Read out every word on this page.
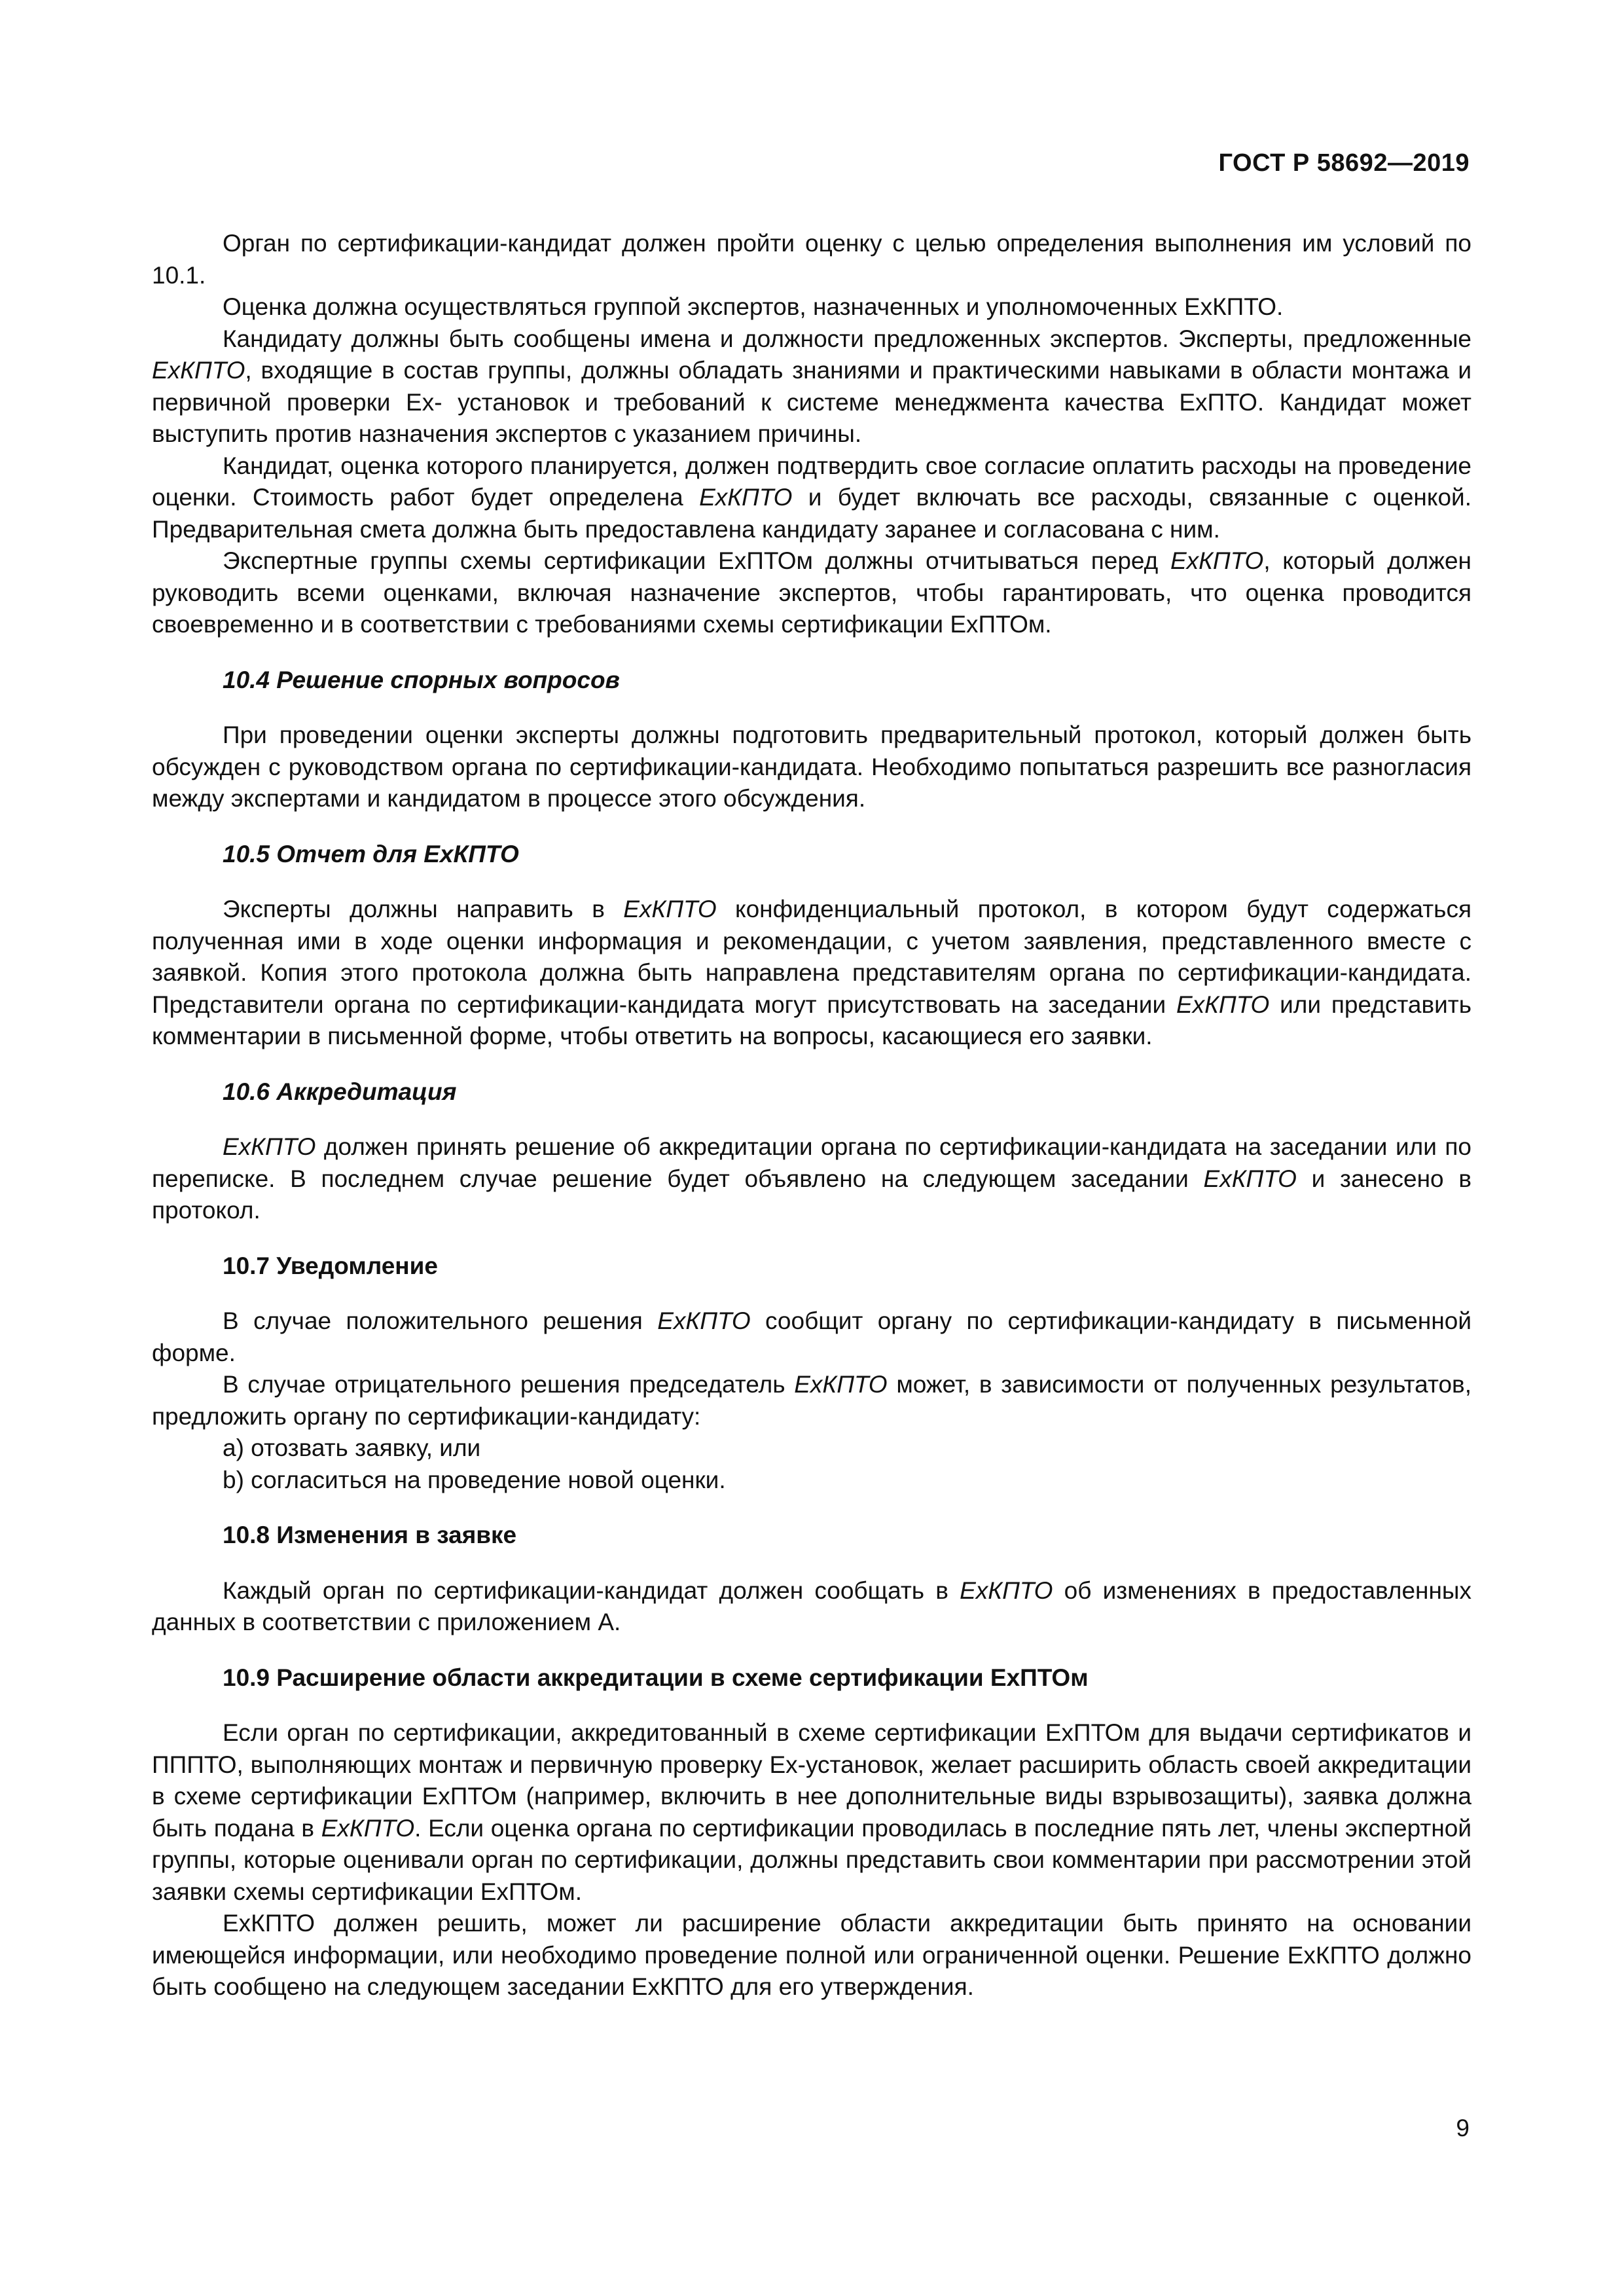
ГОСТ Р 58692—2019

Орган по сертификации-кандидат должен пройти оценку с целью определения выполнения им условий по 10.1.

Оценка должна осуществляться группой экспертов, назначенных и уполномоченных ExКПТО.

Кандидату должны быть сообщены имена и должности предложенных экспертов. Эксперты, предложенные ExКПТО, входящие в состав группы, должны обладать знаниями и практическими навыками в области монтажа и первичной проверки Ex- установок и требований к системе менеджмента качества ExПТО. Кандидат может выступить против назначения экспертов с указанием причины.

Кандидат, оценка которого планируется, должен подтвердить свое согласие оплатить расходы на проведение оценки. Стоимость работ будет определена ExКПТО и будет включать все расходы, связанные с оценкой. Предварительная смета должна быть предоставлена кандидату заранее и согласована с ним.

Экспертные группы схемы сертификации ExПТОм должны отчитываться перед ExКПТО, который должен руководить всеми оценками, включая назначение экспертов, чтобы гарантировать, что оценка проводится своевременно и в соответствии с требованиями схемы сертификации ExПТОм.

10.4 Решение спорных вопросов

При проведении оценки эксперты должны подготовить предварительный протокол, который должен быть обсужден с руководством органа по сертификации-кандидата. Необходимо попытаться разрешить все разногласия между экспертами и кандидатом в процессе этого обсуждения.

10.5 Отчет для ExКПТО

Эксперты должны направить в ExКПТО конфиденциальный протокол, в котором будут содержаться полученная ими в ходе оценки информация и рекомендации, с учетом заявления, представленного вместе с заявкой. Копия этого протокола должна быть направлена представителям органа по сертификации-кандидата. Представители органа по сертификации-кандидата могут присутствовать на заседании ExКПТО или представить комментарии в письменной форме, чтобы ответить на вопросы, касающиеся его заявки.

10.6 Аккредитация

ExКПТО должен принять решение об аккредитации органа по сертификации-кандидата на заседании или по переписке. В последнем случае решение будет объявлено на следующем заседании ExКПТО и занесено в протокол.

10.7 Уведомление

В случае положительного решения ExКПТО сообщит органу по сертификации-кандидату в письменной форме.

В случае отрицательного решения председатель ExКПТО может, в зависимости от полученных результатов, предложить органу по сертификации-кандидату:

a) отозвать заявку, или
b) согласиться на проведение новой оценки.
10.8 Изменения в заявке

Каждый орган по сертификации-кандидат должен сообщать в ExКПТО об изменениях в предоставленных данных в соответствии с приложением А.

10.9 Расширение области аккредитации в схеме сертификации ExПТОм

Если орган по сертификации, аккредитованный в схеме сертификации ExПТОм для выдачи сертификатов и ПППТО, выполняющих монтаж и первичную проверку Ex-установок, желает расширить область своей аккредитации в схеме сертификации ExПТОм (например, включить в нее дополнительные виды взрывозащиты), заявка должна быть подана в ExКПТО. Если оценка органа по сертификации проводилась в последние пять лет, члены экспертной группы, которые оценивали орган по сертификации, должны представить свои комментарии при рассмотрении этой заявки схемы сертификации ExПТОм.

ExКПТО должен решить, может ли расширение области аккредитации быть принято на основании имеющейся информации, или необходимо проведение полной или ограниченной оценки. Решение ExКПТО должно быть сообщено на следующем заседании ExКПТО для его утверждения.

9
